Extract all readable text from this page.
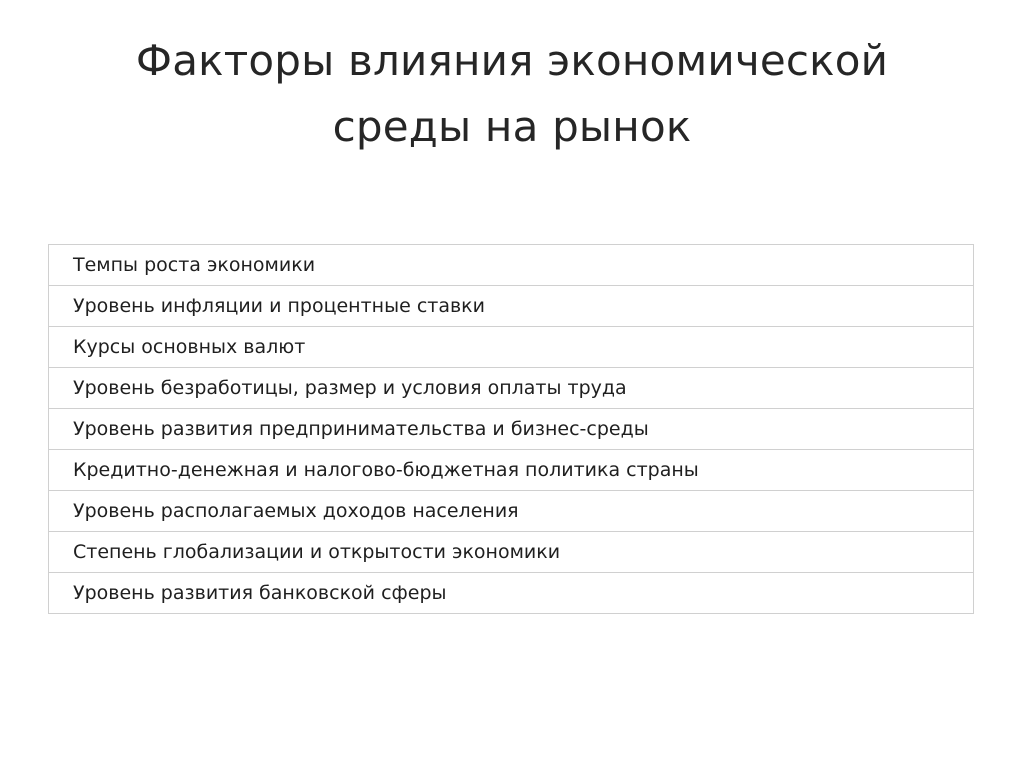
Факторы влияния экономической
среды на рынок
Темпы роста экономики
Уровень инфляции и процентные ставки
Курсы основных валют
Уровень безработицы, размер и условия оплаты труда
Уровень развития предпринимательства и бизнес-среды
Кредитно-денежная и налогово-бюджетная политика страны
Уровень располагаемых доходов населения
Степень глобализации и открытости экономики
Уровень развития банковской сферы
